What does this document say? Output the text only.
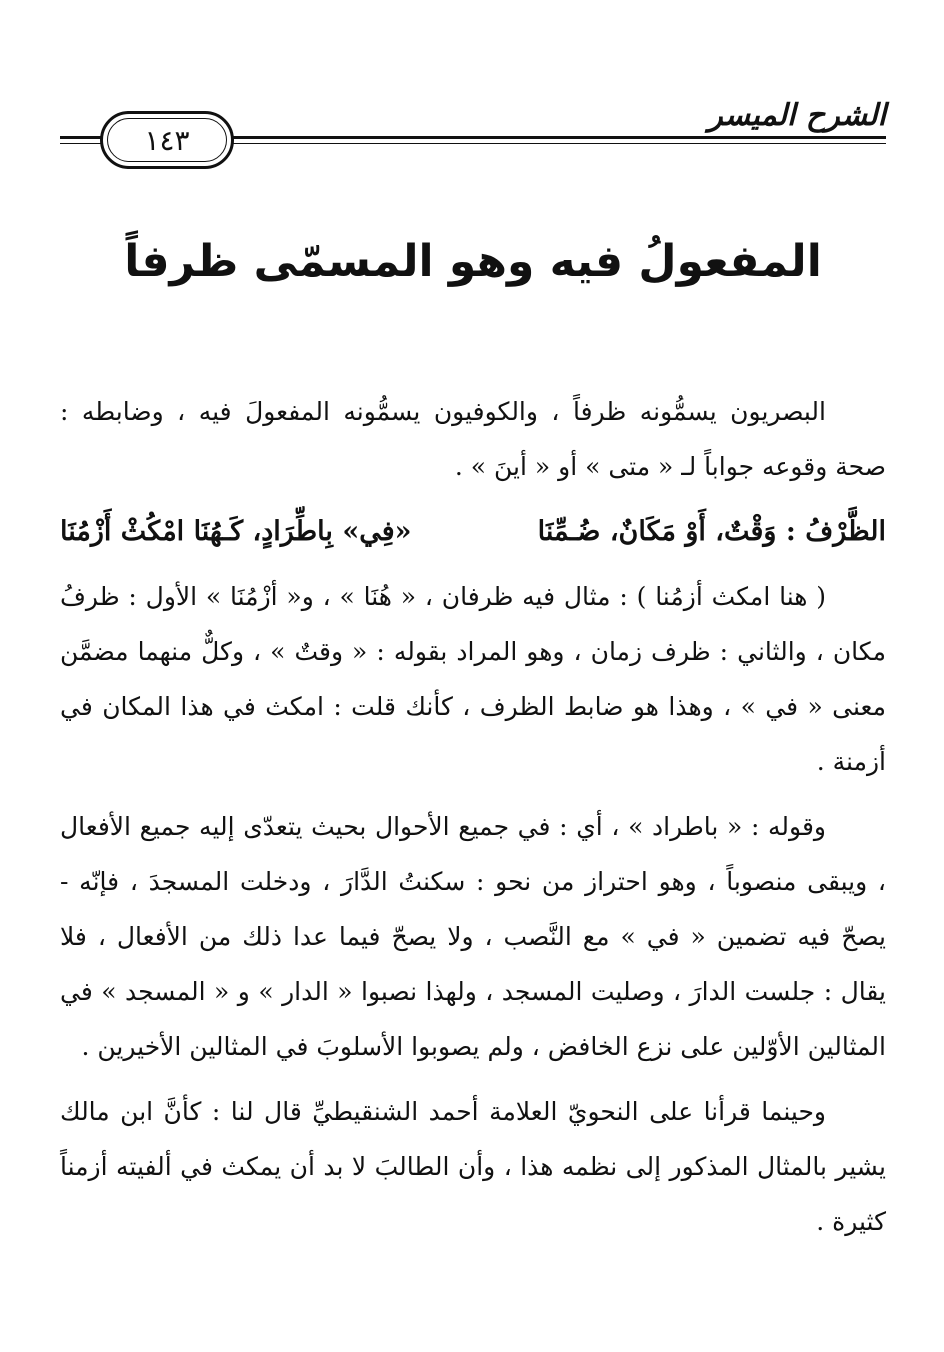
الشرح الميسر
١٤٣
المفعولُ فيه وهو المسمّى ظرفاً

البصريون يسمُّونه ظرفاً ، والكوفيون يسمُّونه المفعولَ فيه ، وضابطه : صحة وقوعه جواباً لـ « متى » أو « أينَ » .

الظَّرْفُ : وَقْتٌ، أَوْ مَكَانٌ، ضُـمِّنَا
«فِي» بِاطِّرَادٍ، كَـهُنَا امْكُثْ أَزْمُنَا

( هنا امكث أزمُنا ) : مثال فيه ظرفان ، « هُنَا » ، و« أزْمُنَا » الأول : ظرفُ مكان ، والثاني : ظرف زمان ، وهو المراد بقوله : « وقتٌ » ، وكلٌّ منهما مضمَّن معنى « في » ، وهذا هو ضابط الظرف ، كأنك قلت : امكث في هذا المكان في أزمنة .

وقوله : « باطراد » ، أي : في جميع الأحوال بحيث يتعدّى إليه جميع الأفعال ، ويبقى منصوباً ، وهو احتراز من نحو : سكنتُ الدَّارَ ، ودخلت المسجدَ ، فإنّه - يصحّ فيه تضمين « في » مع النَّصب ، ولا يصحّ فيما عدا ذلك من الأفعال ، فلا يقال : جلست الدارَ ، وصليت المسجد ، ولهذا نصبوا « الدار » و « المسجد » في المثالين الأوّلين على نزع الخافض ، ولم يصوبوا الأسلوبَ في المثالين الأخيرين .

وحينما قرأنا على النحويّ العلامة أحمد الشنقيطيِّ قال لنا : كأنَّ ابن مالك يشير بالمثال المذكور إلى نظمه هذا ، وأن الطالبَ لا بد أن يمكث في ألفيته أزمناً كثيرة .
